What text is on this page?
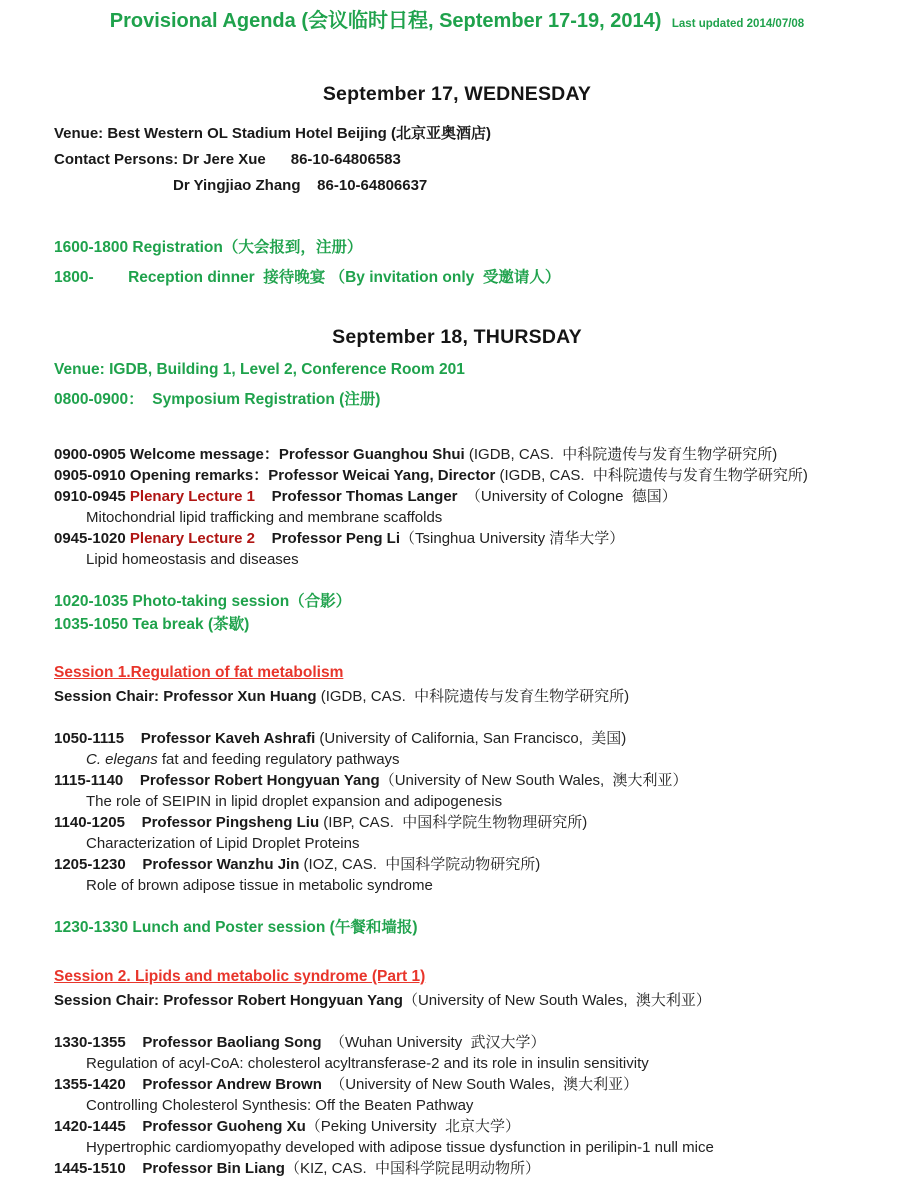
Provisional Agenda (会议临时日程, September 17-19, 2014) Last updated 2014/07/08
September 17, WEDNESDAY
Venue: Best Western OL Stadium Hotel Beijing (北京亚奥酒店)
Contact Persons: Dr Jere Xue      86-10-64806583
Dr Yingjiao Zhang    86-10-64806637
1600-1800 Registration（大会报到，注册）
1800-        Reception dinner  接待晚宴 （By invitation only  受邀请人）
September 18, THURSDAY
Venue: IGDB, Building 1, Level 2, Conference Room 201
0800-0900：  Symposium Registration (注册)
0900-0905 Welcome message：Professor Guanghou Shui (IGDB, CAS.  中科院遗传与发育生物学研究所)
0905-0910 Opening remarks：Professor Weicai Yang, Director (IGDB, CAS.  中科院遗传与发育生物学研究所)
0910-0945 Plenary Lecture 1    Professor Thomas Langer  （University of Cologne  德国）
Mitochondrial lipid trafficking and membrane scaffolds
0945-1020 Plenary Lecture 2    Professor Peng Li（Tsinghua University 清华大学）
Lipid homeostasis and diseases
1020-1035 Photo-taking session（合影）
1035-1050 Tea break (茶歇)
Session 1.Regulation of fat metabolism
Session Chair: Professor Xun Huang (IGDB, CAS.  中科院遗传与发育生物学研究所)
1050-1115    Professor Kaveh Ashrafi (University of California, San Francisco,  美国)
C. elegans fat and feeding regulatory pathways
1115-1140    Professor Robert Hongyuan Yang（University of New South Wales,  澳大利亚）
The role of SEIPIN in lipid droplet expansion and adipogenesis
1140-1205    Professor Pingsheng Liu (IBP, CAS.  中国科学院生物物理研究所)
Characterization of Lipid Droplet Proteins
1205-1230    Professor Wanzhu Jin (IOZ, CAS.  中国科学院动物研究所)
Role of brown adipose tissue in metabolic syndrome
1230-1330 Lunch and Poster session (午餐和墙报)
Session 2. Lipids and metabolic syndrome (Part 1)
Session Chair: Professor Robert Hongyuan Yang（University of New South Wales,  澳大利亚）
1330-1355    Professor Baoliang Song  （Wuhan University  武汉大学）
Regulation of acyl-CoA: cholesterol acyltransferase-2 and its role in insulin sensitivity
1355-1420    Professor Andrew Brown  （University of New South Wales,  澳大利亚）
Controlling Cholesterol Synthesis: Off the Beaten Pathway
1420-1445    Professor Guoheng Xu（Peking University  北京大学）
Hypertrophic cardiomyopathy developed with adipose tissue dysfunction in perilipin-1 null mice
1445-1510    Professor Bin Liang（KIZ, CAS.  中国科学院昆明动物所）
